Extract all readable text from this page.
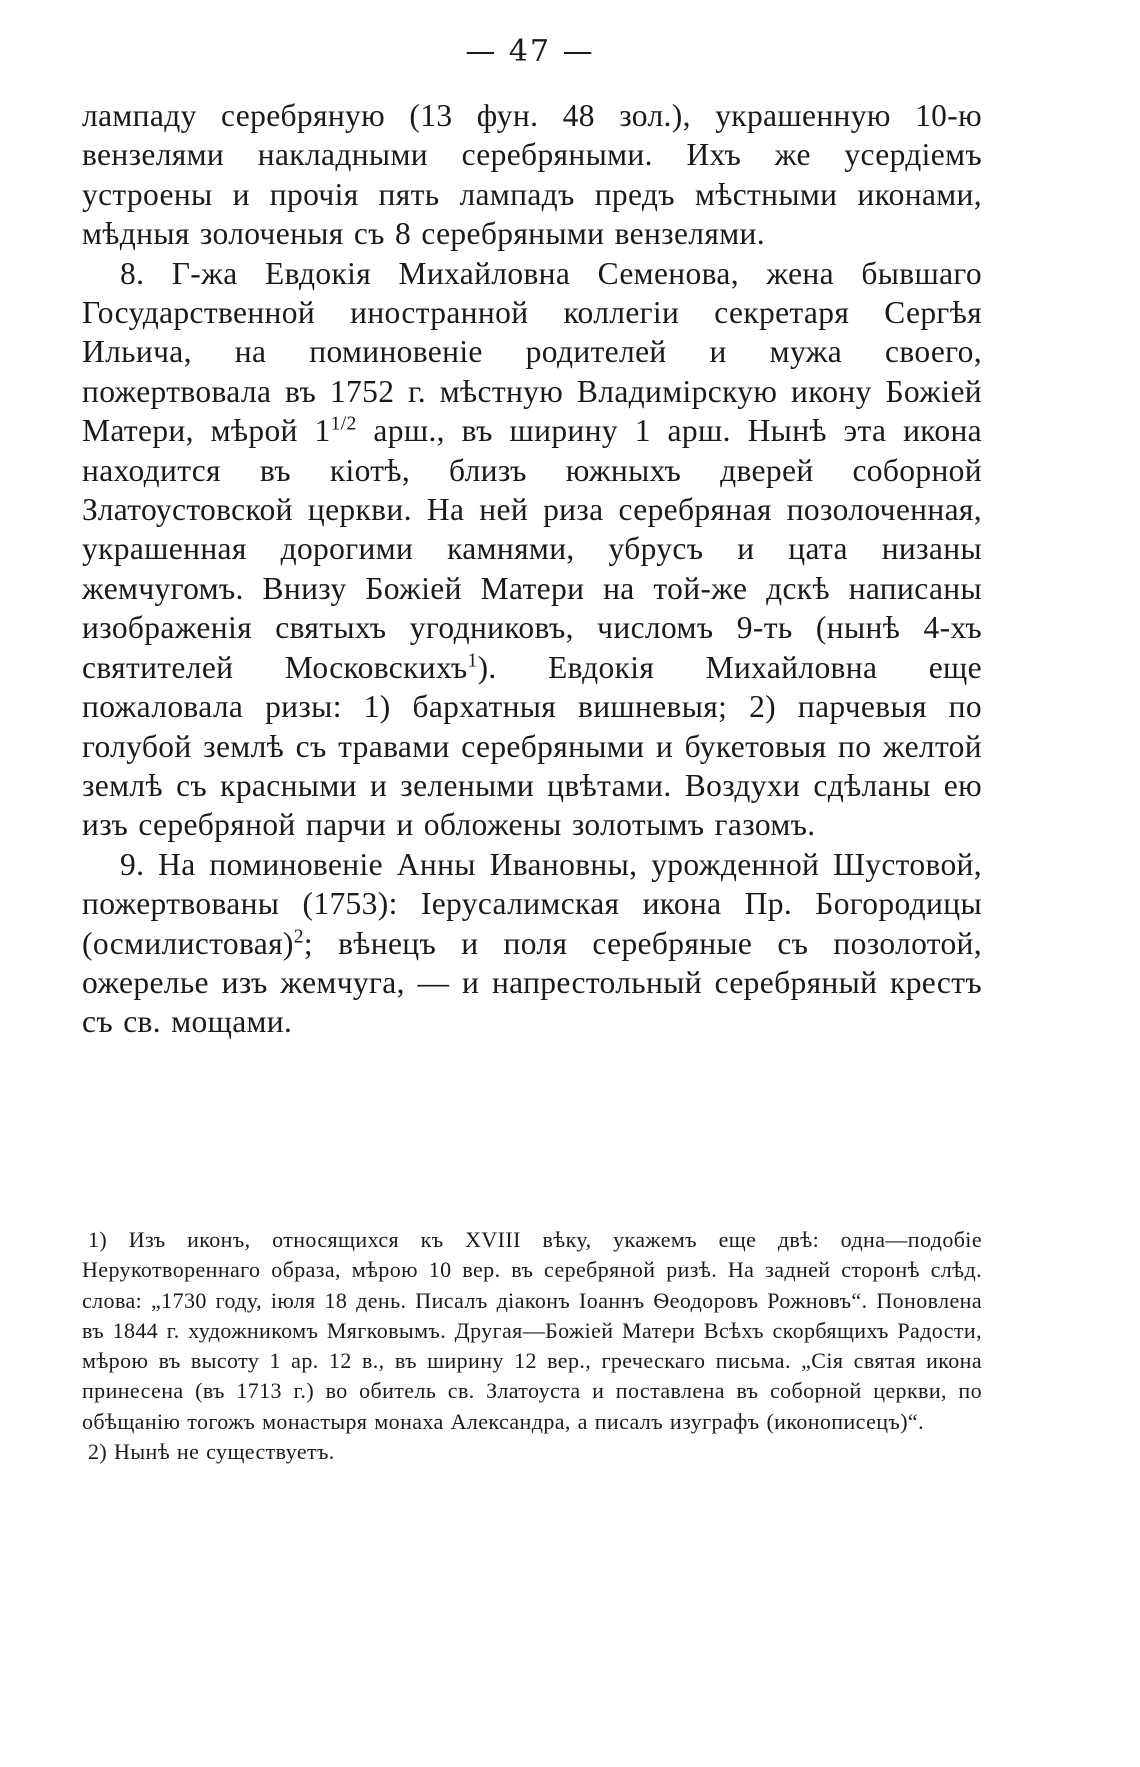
— 47 —

лампаду серебряную (13 фун. 48 зол.), украшенную 10-ю вензелями накладными серебряными. Ихъ же усердіемъ устроены и прочія пять лампадъ предъ мѣстными иконами, мѣдныя золоченыя съ 8 серебряными вензелями.

8. Г-жа Евдокія Михайловна Семенова, жена бывшаго Государственной иностранной коллегіи секретаря Сергѣя Ильича, на поминовеніе родителей и мужа своего, пожертвовала въ 1752 г. мѣстную Владимірскую икону Божіей Матери, мѣрой $1^{1/2}$ арш., въ ширину 1 арш. Нынѣ эта икона находится въ кіотѣ, близъ южныхъ дверей соборной Златоустовской церкви. На ней риза серебряная позолоченная, украшенная дорогими камнями, убрусъ и цата низаны жемчугомъ. Внизу Божіей Матери на той-же дскѣ написаны изображенія святыхъ угодниковъ, числомъ 9-ть (нынѣ 4-хъ святителей Московскихъ$^1$). Евдокія Михайловна еще пожаловала ризы: 1) бархатныя вишневыя; 2) парчевыя по голубой землѣ съ травами серебряными и букетовыя по желтой землѣ съ красными и зелеными цвѣтами. Воздухи сдѣланы ею изъ серебряной парчи и обложены золотымъ газомъ.

9. На поминовеніе Анны Ивановны, урожденной Шустовой, пожертвованы (1753): Іерусалимская икона Пр. Богородицы (осмилистовая)$^2$; вѣнецъ и поля серебряные съ позолотой, ожерелье изъ жемчуга, — и напрестольный серебряный крестъ съ св. мощами.

1) Изъ иконъ, относящихся къ XVIII вѣку, укажемъ еще двѣ: одна—подобіе Нерукотвореннаго образа, мѣрою 10 вер. въ серебряной ризѣ. На задней сторонѣ слѣд. слова: „1730 году, іюля 18 день. Писалъ діаконъ Іоаннъ Ѳеодоровъ Рожновъ“. Поновлена въ 1844 г. художникомъ Мягковымъ. Другая—Божіей Матери Всѣхъ скорбящихъ Радости, мѣрою въ высоту 1 ар. 12 в., въ ширину 12 вер., греческаго письма. „Сія святая икона принесена (въ 1713 г.) во обитель св. Златоуста и поставлена въ соборной церкви, по обѣщанію тогожъ монастыря монаха Александра, а писалъ изуграфъ (иконописецъ)“.

2) Нынѣ не существуетъ.
